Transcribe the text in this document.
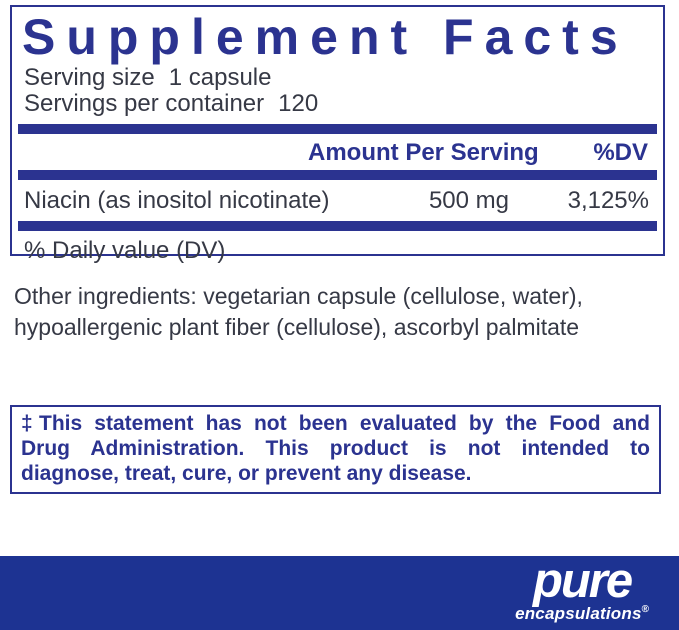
Supplement Facts
Serving size 1 capsule
Servings per container 120
Amount Per Serving %DV
Niacin (as inositol nicotinate)	500 mg	3,125%
% Daily value (DV)
Other ingredients: vegetarian capsule (cellulose, water),
hypoallergenic plant fiber (cellulose), ascorbyl palmitate
‡This statement has not been evaluated by the Food and
Drug Administration. This product is not intended to
diagnose, treat, cure, or prevent any disease.
pure
encapsulations®
